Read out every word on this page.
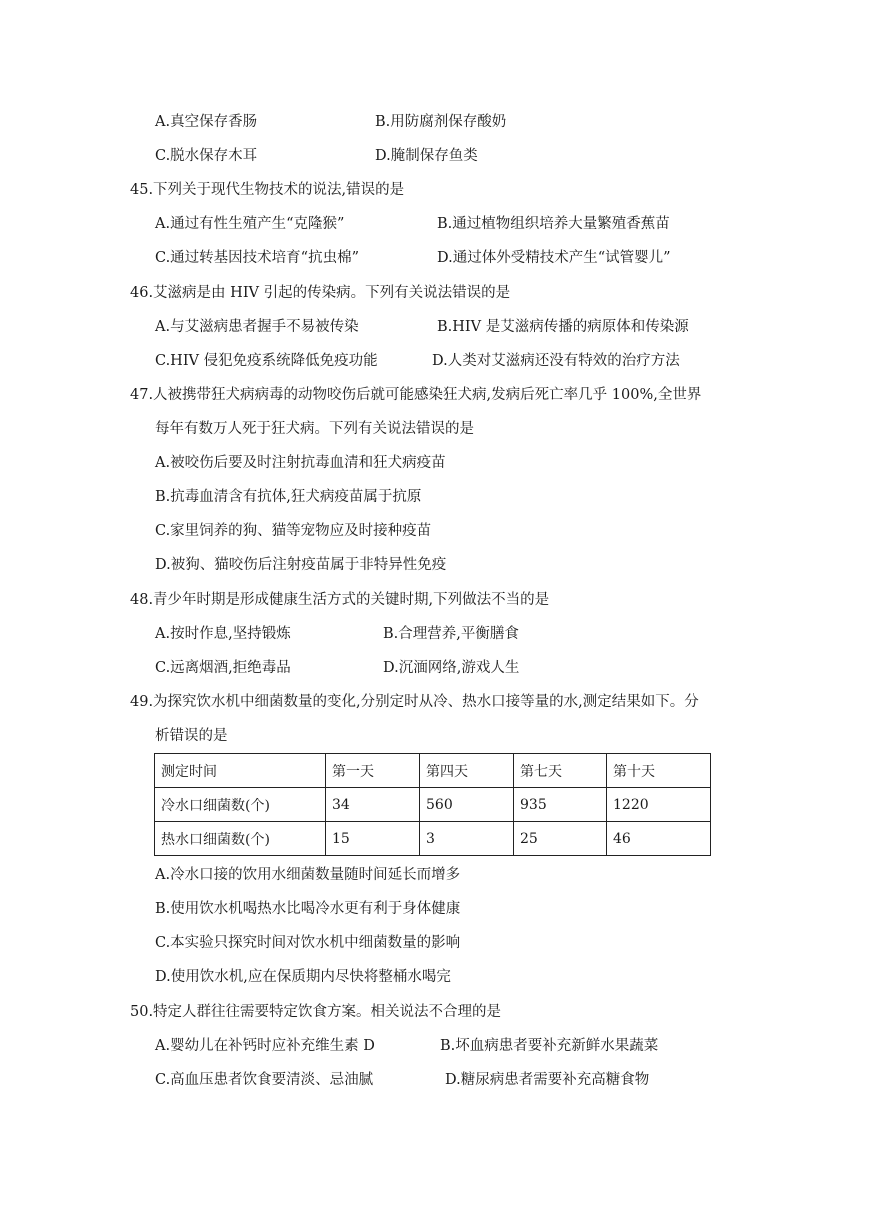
A.真空保存香肠	B.用防腐剂保存酸奶
C.脱水保存木耳	D.腌制保存鱼类
45.下列关于现代生物技术的说法,错误的是
A.通过有性生殖产生“克隆猴”	B.通过植物组织培养大量繁殖香蕉苗
C.通过转基因技术培育“抗虫棉”	D.通过体外受精技术产生“试管婴儿”
46.艾滋病是由 HIV 引起的传染病。下列有关说法错误的是
A.与艾滋病患者握手不易被传染	B.HIV 是艾滋病传播的病原体和传染源
C.HIV 侵犯免疫系统降低免疫功能	D.人类对艾滋病还没有特效的治疗方法
47.人被携带狂犬病病毒的动物咬伤后就可能感染狂犬病,发病后死亡率几乎 100%,全世界
每年有数万人死于狂犬病。下列有关说法错误的是
A.被咬伤后要及时注射抗毒血清和狂犬病疫苗
B.抗毒血清含有抗体,狂犬病疫苗属于抗原
C.家里饲养的狗、猫等宠物应及时接种疫苗
D.被狗、猫咬伤后注射疫苗属于非特异性免疫
48.青少年时期是形成健康生活方式的关键时期,下列做法不当的是
A.按时作息,坚持锻炼	B.合理营养,平衡膳食
C.远离烟酒,拒绝毒品	D.沉湎网络,游戏人生
49.为探究饮水机中细菌数量的变化,分别定时从冷、热水口接等量的水,测定结果如下。分
析错误的是
测定时间	第一天	第四天	第七天	第十天
冷水口细菌数(个)	34	560	935	1220
热水口细菌数(个)	15	3	25	46
A.冷水口接的饮用水细菌数量随时间延长而增多
B.使用饮水机喝热水比喝冷水更有利于身体健康
C.本实验只探究时间对饮水机中细菌数量的影响
D.使用饮水机,应在保质期内尽快将整桶水喝完
50.特定人群往往需要特定饮食方案。相关说法不合理的是
A.婴幼儿在补钙时应补充维生素 D	B.坏血病患者要补充新鲜水果蔬菜
C.高血压患者饮食要清淡、忌油腻	D.糖尿病患者需要补充高糖食物
